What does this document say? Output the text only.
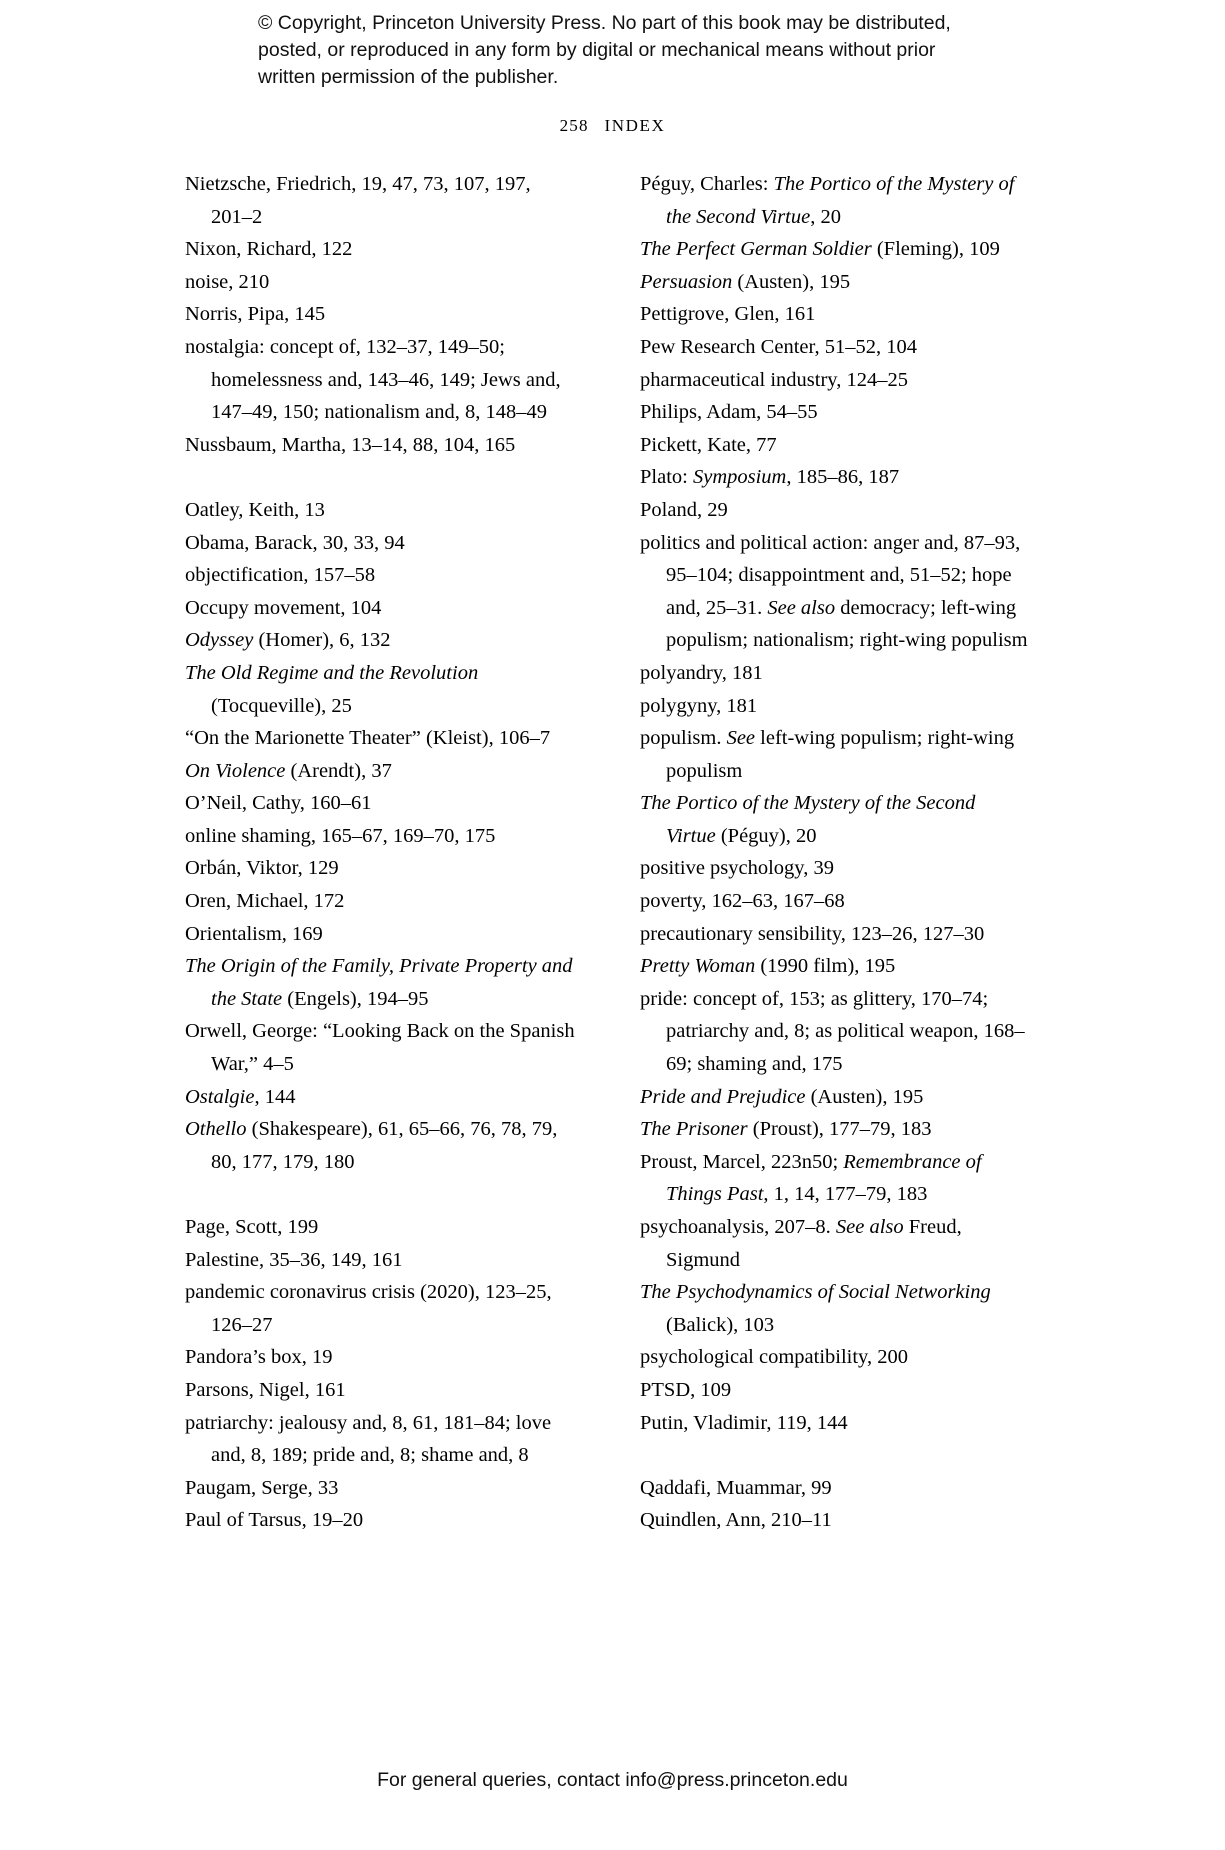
© Copyright, Princeton University Press. No part of this book may be distributed, posted, or reproduced in any form by digital or mechanical means without prior written permission of the publisher.
258 INDEX

Nietzsche, Friedrich, 19, 47, 73, 107, 197, 201–2

Nixon, Richard, 122

noise, 210

Norris, Pipa, 145

nostalgia: concept of, 132–37, 149–50; homelessness and, 143–46, 149; Jews and, 147–49, 150; nationalism and, 8, 148–49

Nussbaum, Martha, 13–14, 88, 104, 165

Oatley, Keith, 13

Obama, Barack, 30, 33, 94

objectification, 157–58

Occupy movement, 104

Odyssey (Homer), 6, 132

The Old Regime and the Revolution (Tocqueville), 25

“On the Marionette Theater” (Kleist), 106–7

On Violence (Arendt), 37

O’Neil, Cathy, 160–61

online shaming, 165–67, 169–70, 175

Orbán, Viktor, 129

Oren, Michael, 172

Orientalism, 169

The Origin of the Family, Private Property and the State (Engels), 194–95

Orwell, George: “Looking Back on the Spanish War,” 4–5

Ostalgie, 144

Othello (Shakespeare), 61, 65–66, 76, 78, 79, 80, 177, 179, 180

Page, Scott, 199

Palestine, 35–36, 149, 161

pandemic coronavirus crisis (2020), 123–25, 126–27

Pandora’s box, 19

Parsons, Nigel, 161

patriarchy: jealousy and, 8, 61, 181–84; love and, 8, 189; pride and, 8; shame and, 8

Paugam, Serge, 33

Paul of Tarsus, 19–20

Péguy, Charles: The Portico of the Mystery of the Second Virtue, 20

The Perfect German Soldier (Fleming), 109

Persuasion (Austen), 195

Pettigrove, Glen, 161

Pew Research Center, 51–52, 104

pharmaceutical industry, 124–25

Philips, Adam, 54–55

Pickett, Kate, 77

Plato: Symposium, 185–86, 187

Poland, 29

politics and political action: anger and, 87–93, 95–104; disappointment and, 51–52; hope and, 25–31. See also democracy; left-wing populism; nationalism; right-wing populism

polyandry, 181

polygyny, 181

populism. See left-wing populism; right-wing populism

The Portico of the Mystery of the Second Virtue (Péguy), 20

positive psychology, 39

poverty, 162–63, 167–68

precautionary sensibility, 123–26, 127–30

Pretty Woman (1990 film), 195

pride: concept of, 153; as glittery, 170–74; patriarchy and, 8; as political weapon, 168–69; shaming and, 175

Pride and Prejudice (Austen), 195

The Prisoner (Proust), 177–79, 183

Proust, Marcel, 223n50; Remembrance of Things Past, 1, 14, 177–79, 183

psychoanalysis, 207–8. See also Freud, Sigmund

The Psychodynamics of Social Networking (Balick), 103

psychological compatibility, 200

PTSD, 109

Putin, Vladimir, 119, 144

Qaddafi, Muammar, 99

Quindlen, Ann, 210–11

For general queries, contact info@press.princeton.edu
